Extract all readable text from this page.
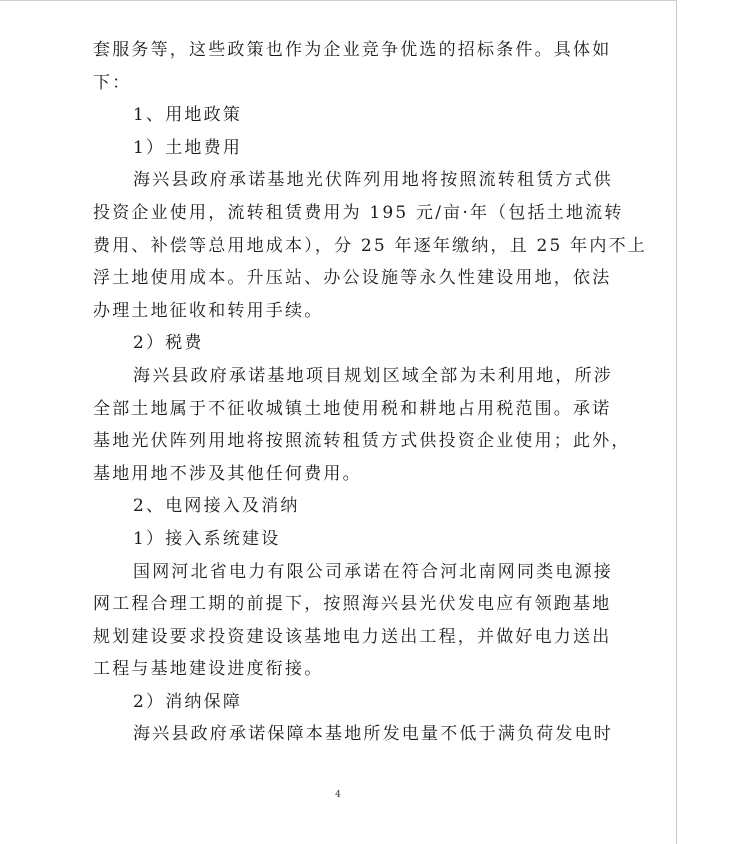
套服务等，这些政策也作为企业竞争优选的招标条件。具体如
下：
1、用地政策
1）土地费用
海兴县政府承诺基地光伏阵列用地将按照流转租赁方式供
投资企业使用，流转租赁费用为 195 元/亩·年（包括土地流转
费用、补偿等总用地成本），分 25 年逐年缴纳，且 25 年内不上
浮土地使用成本。升压站、办公设施等永久性建设用地，依法
办理土地征收和转用手续。
2）税费
海兴县政府承诺基地项目规划区域全部为未利用地，所涉
全部土地属于不征收城镇土地使用税和耕地占用税范围。承诺
基地光伏阵列用地将按照流转租赁方式供投资企业使用；此外，
基地用地不涉及其他任何费用。
2、电网接入及消纳
1）接入系统建设
国网河北省电力有限公司承诺在符合河北南网同类电源接
网工程合理工期的前提下，按照海兴县光伏发电应有领跑基地
规划建设要求投资建设该基地电力送出工程，并做好电力送出
工程与基地建设进度衔接。
2）消纳保障
海兴县政府承诺保障本基地所发电量不低于满负荷发电时
4
